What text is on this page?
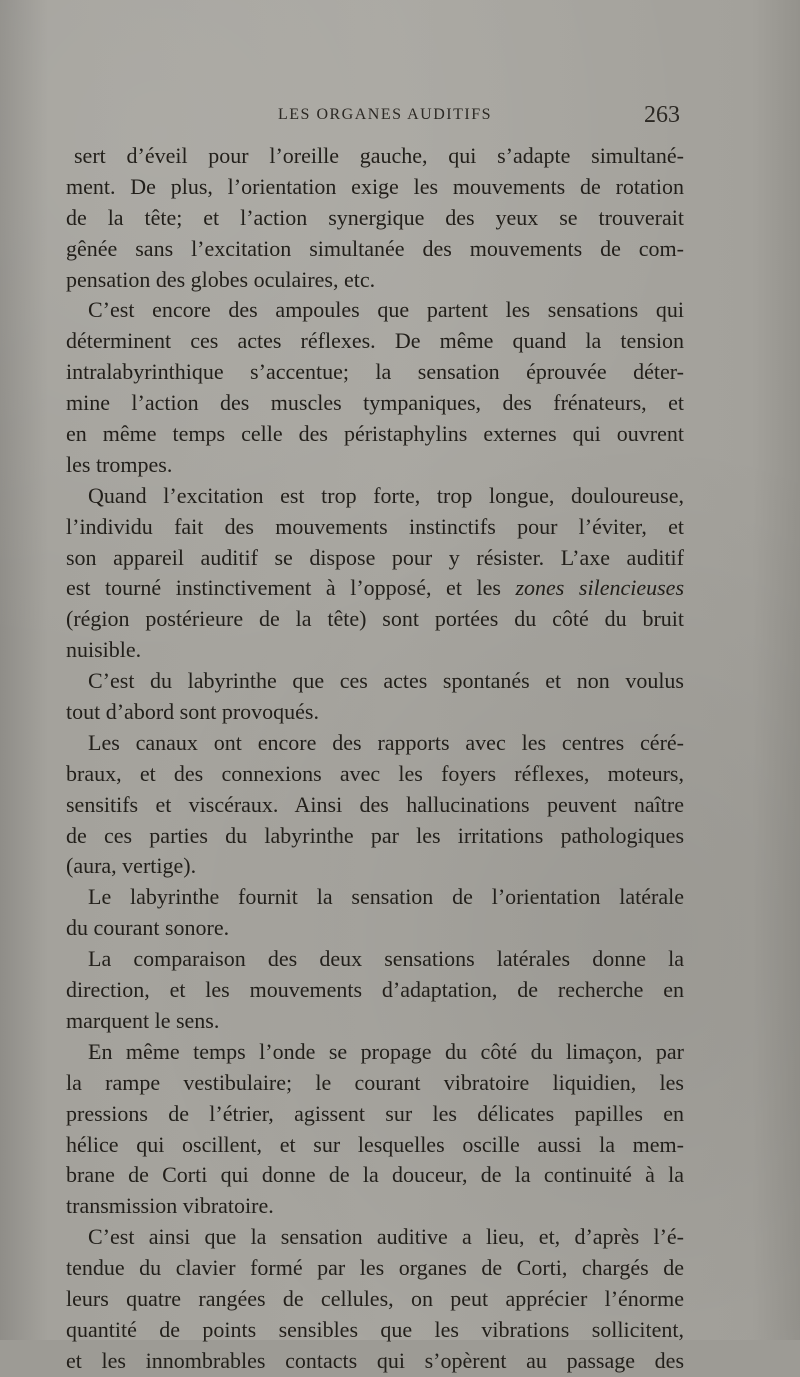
LES ORGANES AUDITIFS	263
sert d’éveil pour l’oreille gauche, qui s’adapte simultané-
ment. De plus, l’orientation exige les mouvements de rotation
de la tête; et l’action synergique des yeux se trouverait
gênée sans l’excitation simultanée des mouvements de com-
pensation des globes oculaires, etc.
C’est encore des ampoules que partent les sensations qui
déterminent ces actes réflexes. De même quand la tension
intralabyrinthique s’accentue; la sensation éprouvée déter-
mine l’action des muscles tympaniques, des frénateurs, et
en même temps celle des péristaphylins externes qui ouvrent
les trompes.
Quand l’excitation est trop forte, trop longue, douloureuse,
l’individu fait des mouvements instinctifs pour l’éviter, et
son appareil auditif se dispose pour y résister. L’axe auditif
est tourné instinctivement à l’opposé, et les zones silencieuses
(région postérieure de la tête) sont portées du côté du bruit
nuisible.
C’est du labyrinthe que ces actes spontanés et non voulus
tout d’abord sont provoqués.
Les canaux ont encore des rapports avec les centres céré-
braux, et des connexions avec les foyers réflexes, moteurs,
sensitifs et viscéraux. Ainsi des hallucinations peuvent naître
de ces parties du labyrinthe par les irritations pathologiques
(aura, vertige).
Le labyrinthe fournit la sensation de l’orientation latérale
du courant sonore.
La comparaison des deux sensations latérales donne la
direction, et les mouvements d’adaptation, de recherche en
marquent le sens.
En même temps l’onde se propage du côté du limaçon, par
la rampe vestibulaire; le courant vibratoire liquidien, les
pressions de l’étrier, agissent sur les délicates papilles en
hélice qui oscillent, et sur lesquelles oscille aussi la mem-
brane de Corti qui donne de la douceur, de la continuité à la
transmission vibratoire.
C’est ainsi que la sensation auditive a lieu, et, d’après l’é-
tendue du clavier formé par les organes de Corti, chargés de
leurs quatre rangées de cellules, on peut apprécier l’énorme
quantité de points sensibles que les vibrations sollicitent,
et les innombrables contacts qui s’opèrent au passage des
